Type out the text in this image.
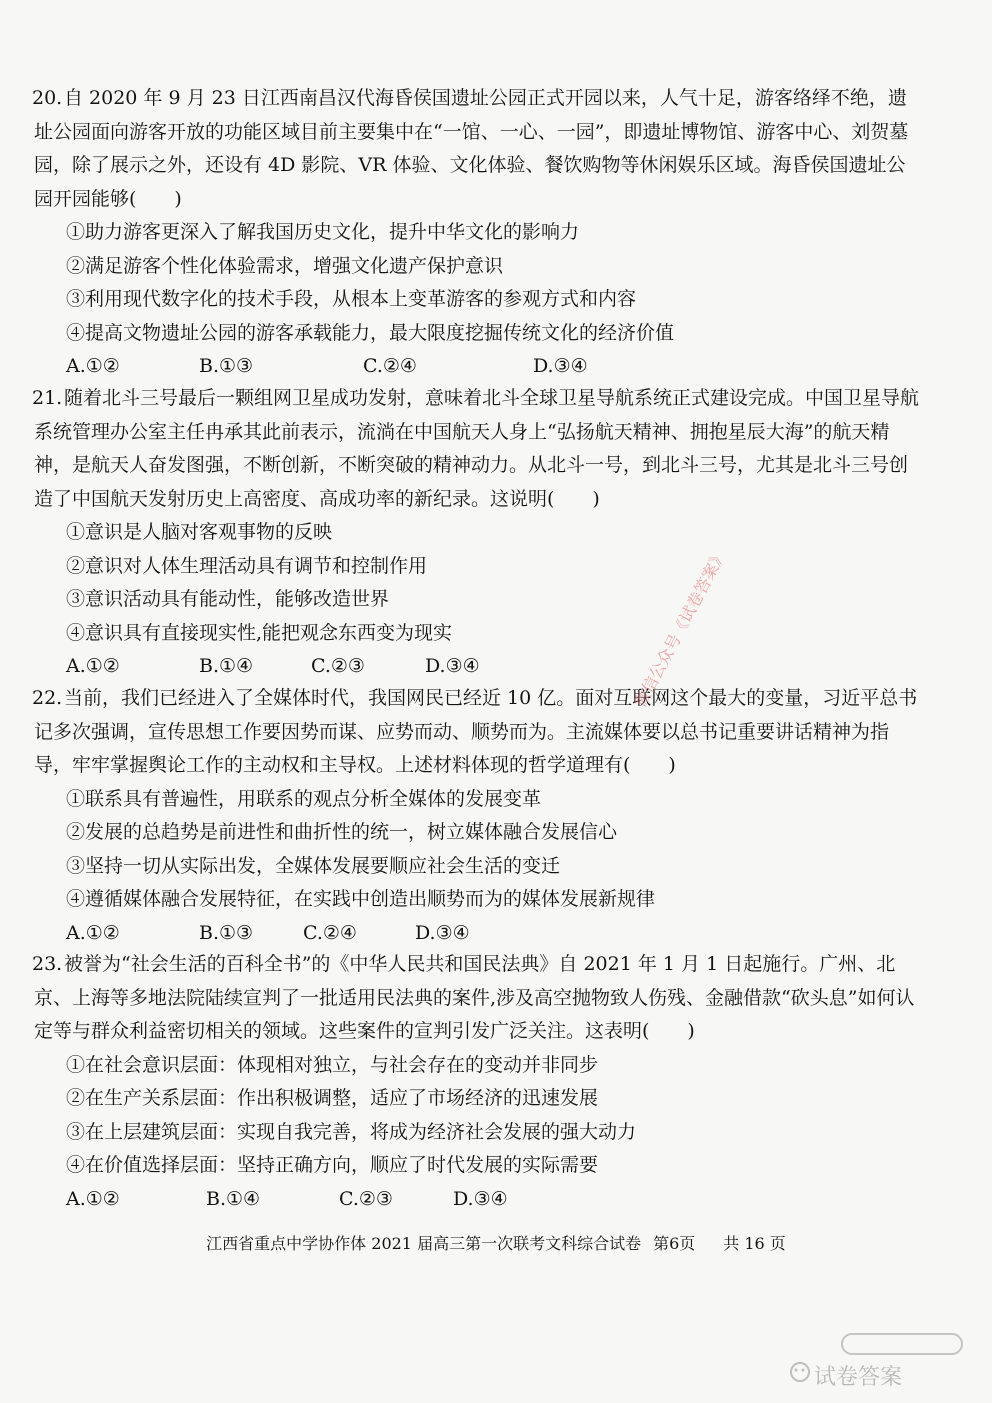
20.自 2020 年 9 月 23 日江西南昌汉代海昏侯国遗址公园正式开园以来，人气十足，游客络绎不绝，遗址公园面向游客开放的功能区域目前主要集中在“一馆、一心、一园”，即遗址博物馆、游客中心、刘贺墓园，除了展示之外，还设有 4D 影院、VR 体验、文化体验、餐饮购物等休闲娱乐区域。海昏侯国遗址公园开园能够(　　)

①助力游客更深入了解我国历史文化，提升中华文化的影响力

②满足游客个性化体验需求，增强文化遗产保护意识

③利用现代数字化的技术手段，从根本上变革游客的参观方式和内容

④提高文物遗址公园的游客承载能力，最大限度挖掘传统文化的经济价值

A.①②	B.①③	C.②④	D.③④

21.随着北斗三号最后一颗组网卫星成功发射，意味着北斗全球卫星导航系统正式建设完成。中国卫星导航系统管理办公室主任冉承其此前表示，流淌在中国航天人身上“弘扬航天精神、拥抱星辰大海”的航天精神，是航天人奋发图强，不断创新，不断突破的精神动力。从北斗一号，到北斗三号，尤其是北斗三号创造了中国航天发射历史上高密度、高成功率的新纪录。这说明(　　)

①意识是人脑对客观事物的反映

②意识对人体生理活动具有调节和控制作用

③意识活动具有能动性，能够改造世界

④意识具有直接现实性,能把观念东西变为现实

A.①②	B.①④	C.②③	D.③④

22.当前，我们已经进入了全媒体时代，我国网民已经近 10 亿。面对互联网这个最大的变量，习近平总书记多次强调，宣传思想工作要因势而谋、应势而动、顺势而为。主流媒体要以总书记重要讲话精神为指导，牢牢掌握舆论工作的主动权和主导权。上述材料体现的哲学道理有(　　)

①联系具有普遍性，用联系的观点分析全媒体的发展变革

②发展的总趋势是前进性和曲折性的统一，树立媒体融合发展信心

③坚持一切从实际出发，全媒体发展要顺应社会生活的变迁

④遵循媒体融合发展特征，在实践中创造出顺势而为的媒体发展新规律

A.①②	B.①③	C.②④	D.③④

23.被誉为“社会生活的百科全书”的《中华人民共和国民法典》自 2021 年 1 月 1 日起施行。广州、北京、上海等多地法院陆续宣判了一批适用民法典的案件,涉及高空抛物致人伤残、金融借款“砍头息”如何认定等与群众利益密切相关的领域。这些案件的宣判引发广泛关注。这表明(　　)

①在社会意识层面：体现相对独立，与社会存在的变动并非同步

②在生产关系层面：作出积极调整，适应了市场经济的迅速发展

③在上层建筑层面：实现自我完善，将成为经济社会发展的强大动力

④在价值选择层面：坚持正确方向，顺应了时代发展的实际需要

A.①②	B.①④	C.②③	D.③④
江西省重点中学协作体 2021 届高三第一次联考文科综合试卷 第6页 共 16 页
微信公众号《试卷答案》
试卷答案
